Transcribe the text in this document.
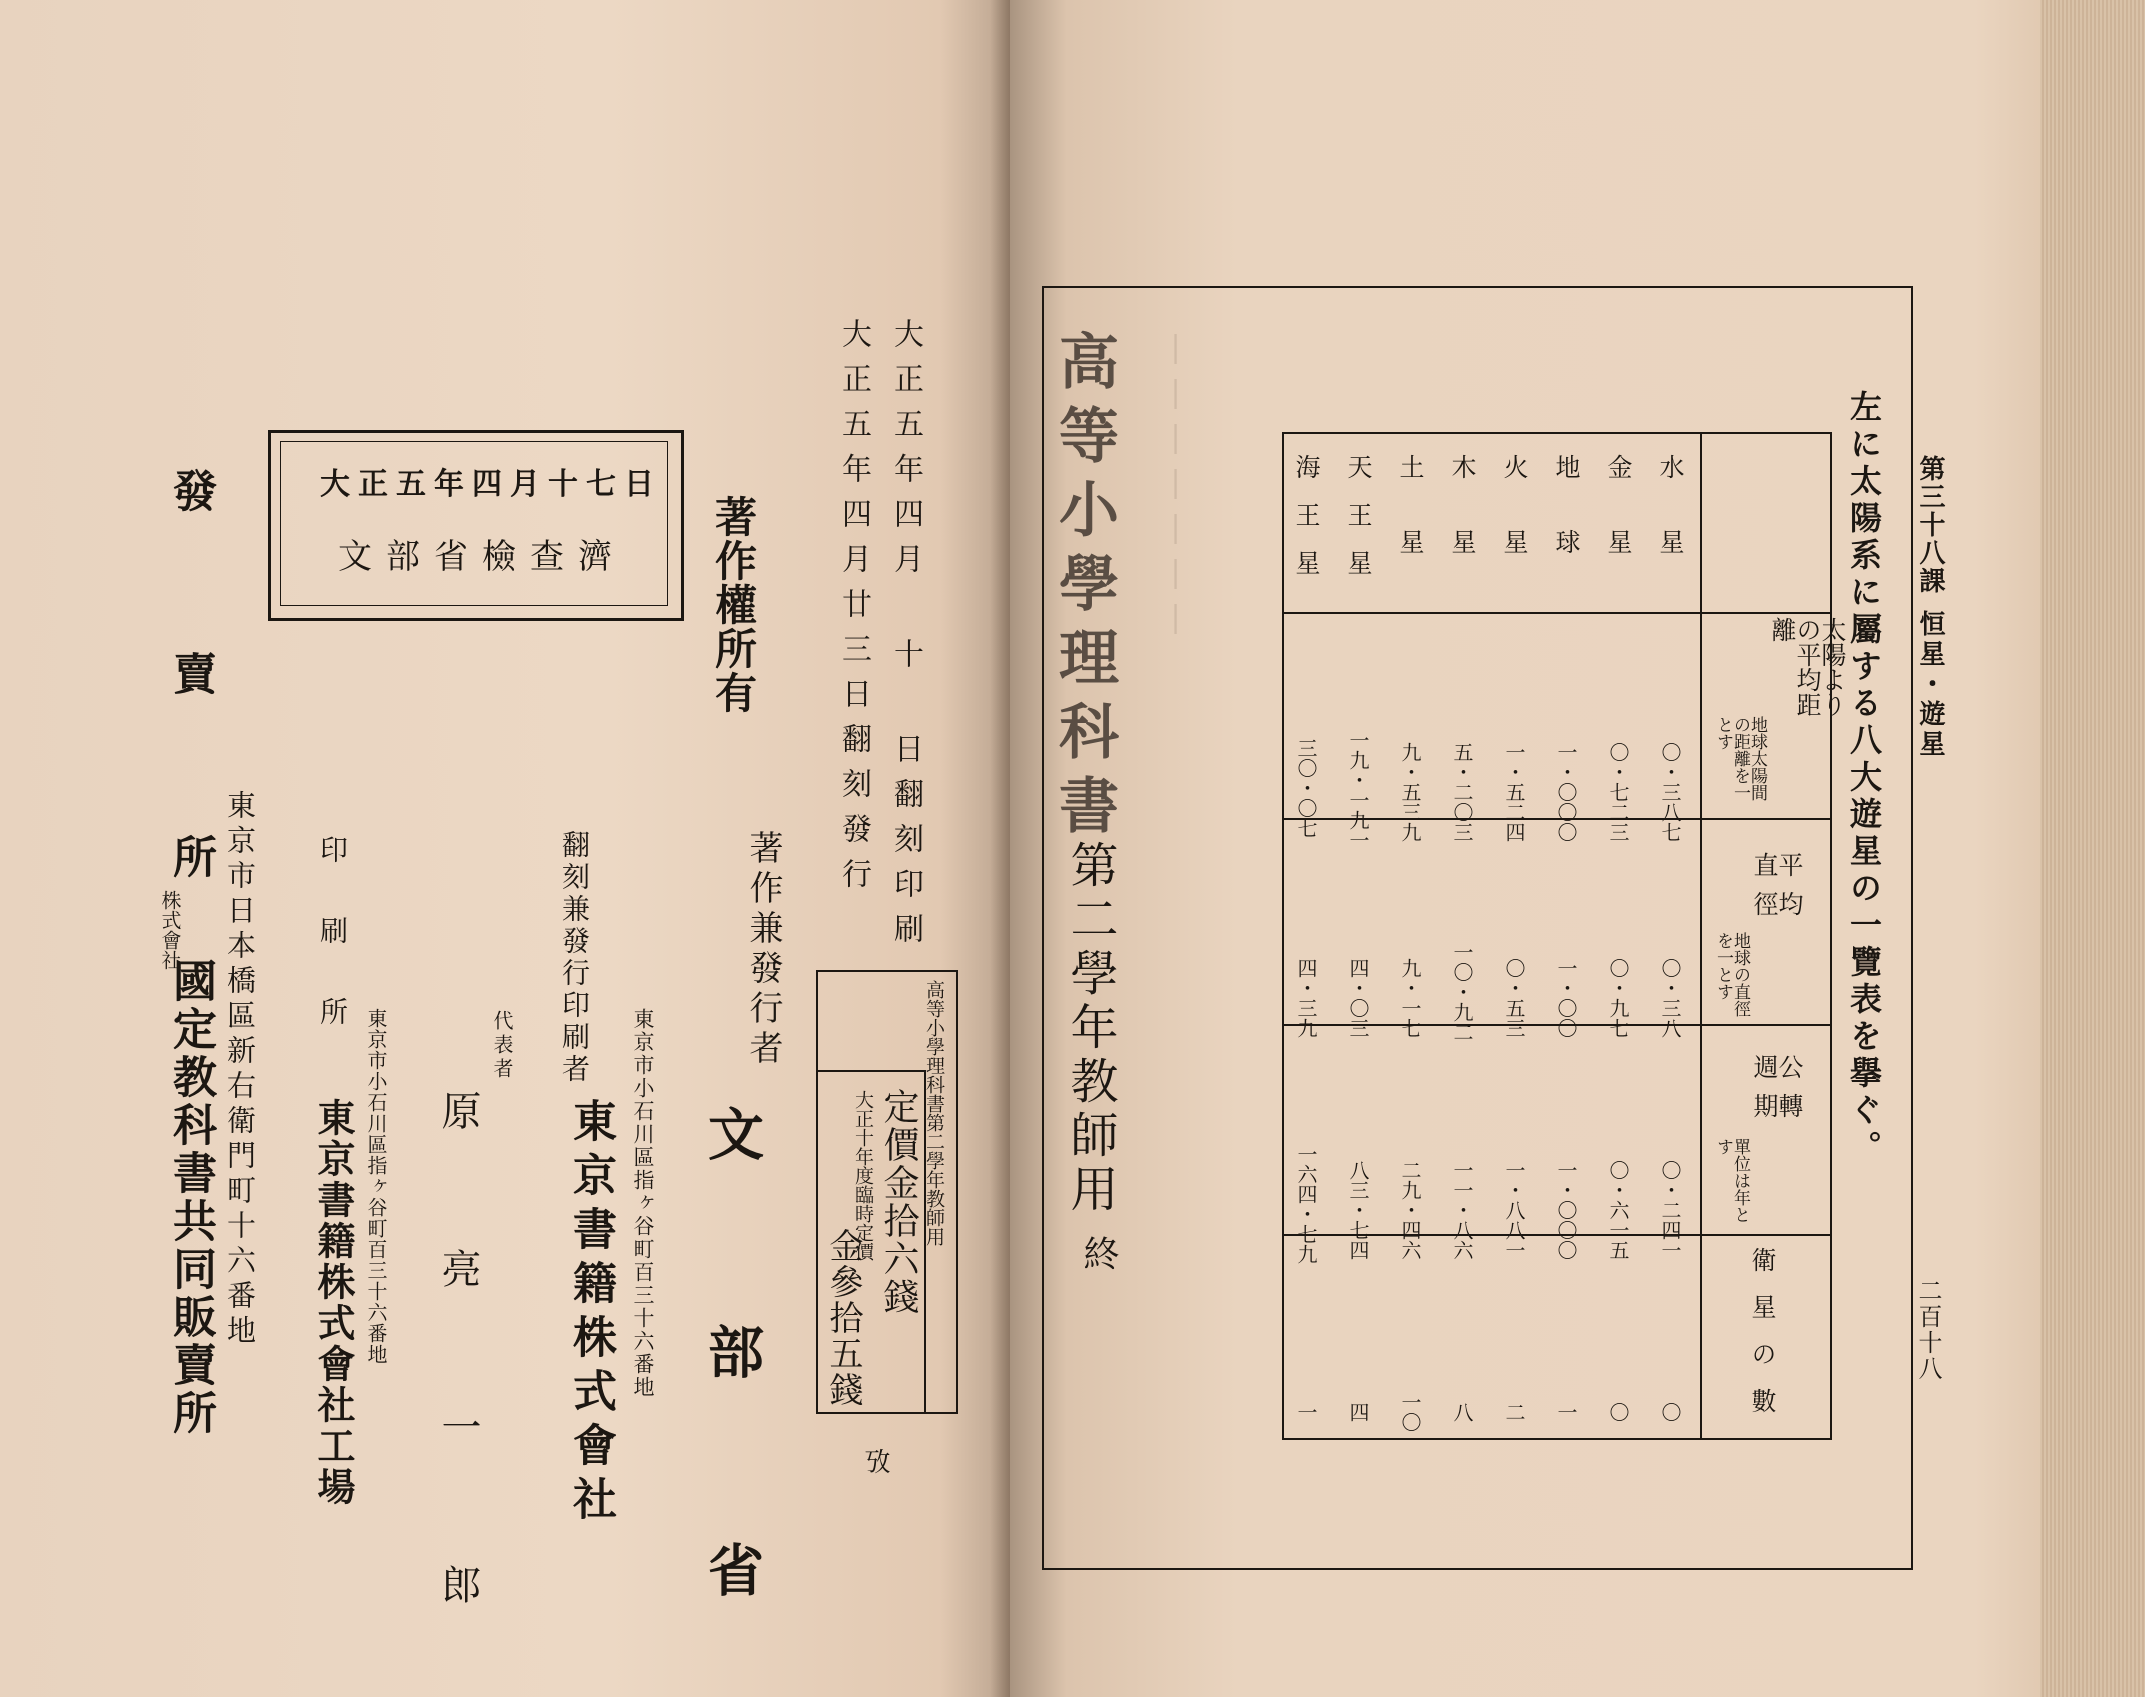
大正五年四月十七日
文部省檢查濟	大正五年四月 十 日翻刻印刷
大正五年四月廿三日翻刻發行
著作權所有
著作兼發行者
文 部 省
翻刻兼發行印刷者
東京市小石川區指ヶ谷町百三十六番地
東京書籍株式會社
代表者
原 亮 一 郎
印 刷 所
東京市小石川區指ヶ谷町百三十六番地
東京書籍株式會社工場
發 賣 所
東京市日本橋區新右衛門町十六番地
株式會社
國定教科書共同販賣所	高等小學理科書第二學年教師用
定價金拾六錢
大正十年度臨時定價
金參拾五錢
攷
第三十八課
恒星・遊星
二百十八
左に太陽系に屬する八大遊星の一覽表を擧ぐ。
高等小學理科書
第二學年教師用
終
|||||||
太陽よりの平均距離
地球太陽間の距離を一とす
平均直徑
地球の直徑を一とす
公轉週期
單位は年とす
衛星の數
水星
〇・三八七
〇・三八
〇・二四一
〇
金星
〇・七二三
〇・九七
〇・六一五
〇
地球
一・〇〇〇
一・〇〇
一・〇〇〇
一
火星
一・五二四
〇・五三
一・八八一
二
木星
五・二〇三
一〇・九二
一一・八六
八
土星
九・五三九
九・一七
二九・四六
一〇
天王星
一九・一九一
四・〇三
八三・七四
四
海王星
三〇・〇七
四・三九
一六四・七九
一
